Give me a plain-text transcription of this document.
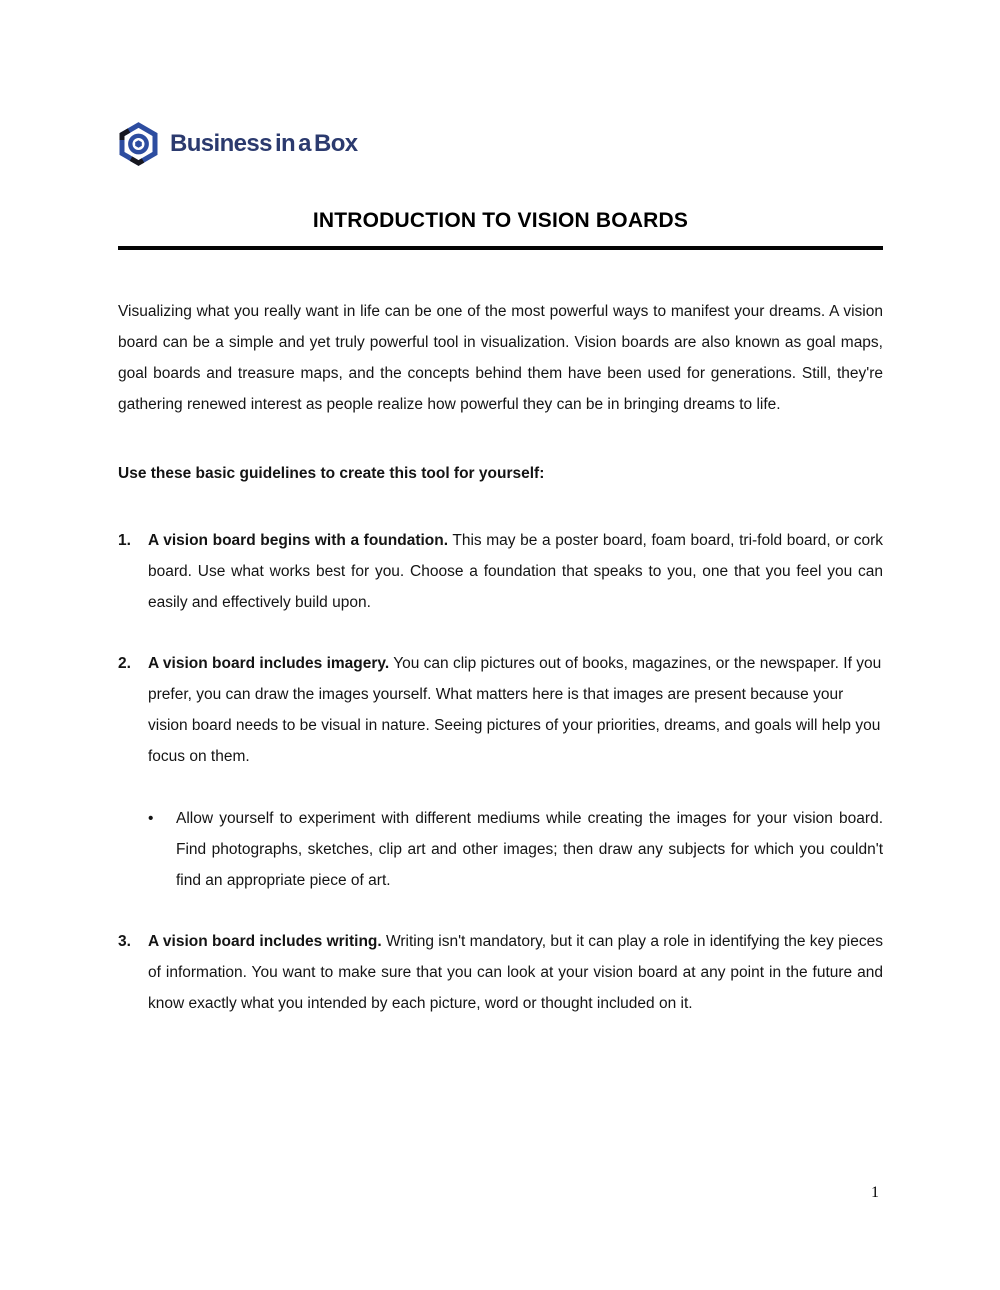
Business in a Box
INTRODUCTION TO VISION BOARDS

Visualizing what you really want in life can be one of the most powerful ways to manifest your dreams. A vision board can be a simple and yet truly powerful tool in visualization. Vision boards are also known as goal maps, goal boards and treasure maps, and the concepts behind them have been used for generations. Still, they're gathering renewed interest as people realize how powerful they can be in bringing dreams to life.

Use these basic guidelines to create this tool for yourself:

1.	A vision board begins with a foundation. This may be a poster board, foam board, tri-fold board, or cork board. Use what works best for you. Choose a foundation that speaks to you, one that you feel you can easily and effectively build upon.
2.	A vision board includes imagery. You can clip pictures out of books, magazines, or the newspaper. If you prefer, you can draw the images yourself. What matters here is that images are present because your vision board needs to be visual in nature. Seeing pictures of your priorities, dreams, and goals will help you focus on them.
•	Allow yourself to experiment with different mediums while creating the images for your vision board. Find photographs, sketches, clip art and other images; then draw any subjects for which you couldn't find an appropriate piece of art.
3.	A vision board includes writing. Writing isn't mandatory, but it can play a role in identifying the key pieces of information. You want to make sure that you can look at your vision board at any point in the future and know exactly what you intended by each picture, word or thought included on it.
1
